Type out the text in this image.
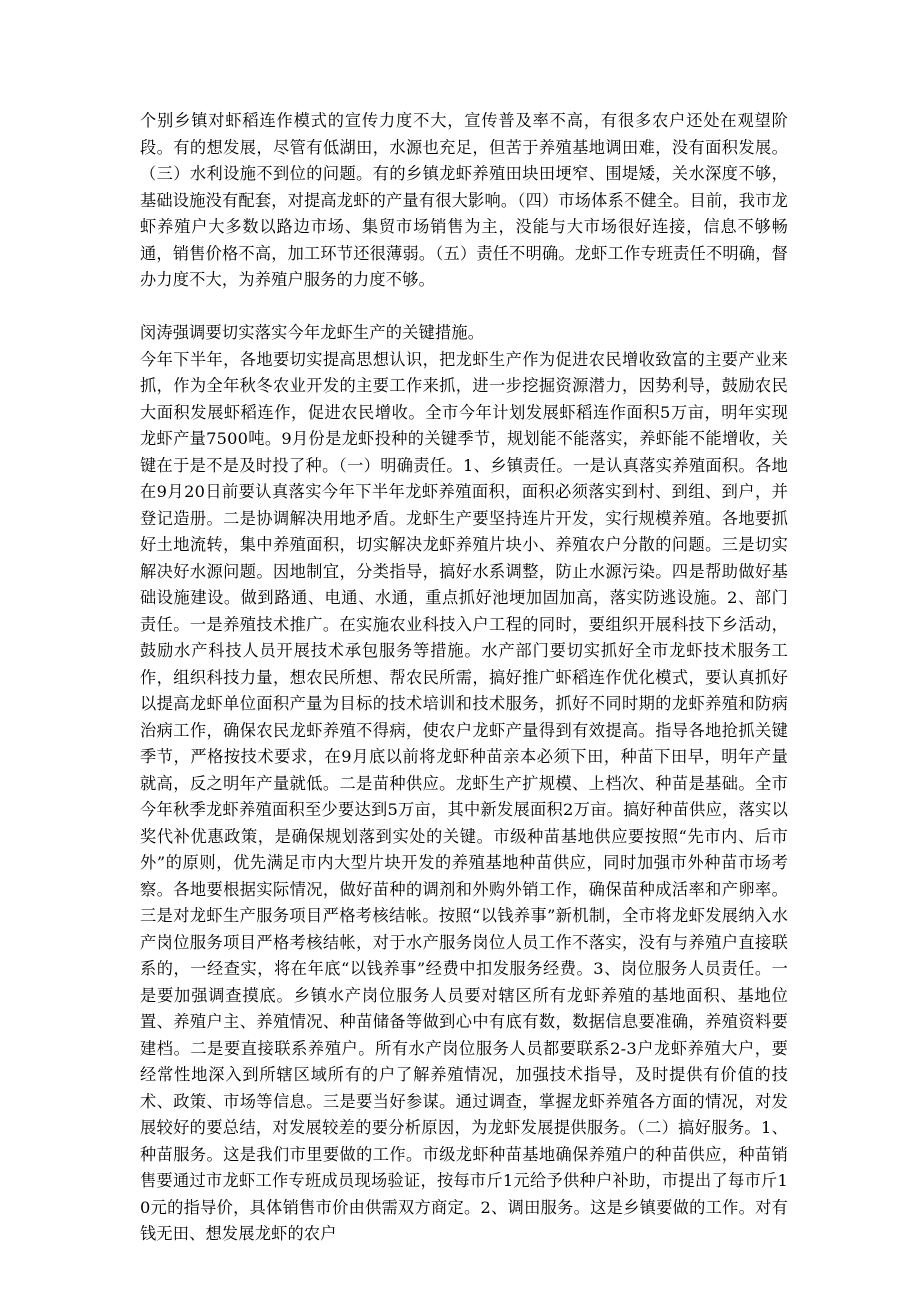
个别乡镇对虾稻连作模式的宣传力度不大，宣传普及率不高，有很多农户还处在观望阶段。有的想发展，尽管有低湖田，水源也充足，但苦于养殖基地调田难，没有面积发展。（三）水利设施不到位的问题。有的乡镇龙虾养殖田块田埂窄、围堤矮，关水深度不够，基础设施没有配套，对提高龙虾的产量有很大影响。（四）市场体系不健全。目前，我市龙虾养殖户大多数以路边市场、集贸市场销售为主，没能与大市场很好连接，信息不够畅通，销售价格不高，加工环节还很薄弱。（五）责任不明确。龙虾工作专班责任不明确，督办力度不大，为养殖户服务的力度不够。

闵涛强调要切实落实今年龙虾生产的关键措施。

今年下半年，各地要切实提高思想认识，把龙虾生产作为促进农民增收致富的主要产业来抓，作为全年秋冬农业开发的主要工作来抓，进一步挖掘资源潜力，因势利导，鼓励农民大面积发展虾稻连作，促进农民增收。全市今年计划发展虾稻连作面积5万亩，明年实现龙虾产量7500吨。9月份是龙虾投种的关键季节，规划能不能落实，养虾能不能增收，关键在于是不是及时投了种。（一）明确责任。1、乡镇责任。一是认真落实养殖面积。各地在9月20日前要认真落实今年下半年龙虾养殖面积，面积必须落实到村、到组、到户，并登记造册。二是协调解决用地矛盾。龙虾生产要坚持连片开发，实行规模养殖。各地要抓好土地流转，集中养殖面积，切实解决龙虾养殖片块小、养殖农户分散的问题。三是切实解决好水源问题。因地制宜，分类指导，搞好水系调整，防止水源污染。四是帮助做好基础设施建设。做到路通、电通、水通，重点抓好池埂加固加高，落实防逃设施。2、部门责任。一是养殖技术推广。在实施农业科技入户工程的同时，要组织开展科技下乡活动，鼓励水产科技人员开展技术承包服务等措施。水产部门要切实抓好全市龙虾技术服务工作，组织科技力量，想农民所想、帮农民所需，搞好推广虾稻连作优化模式，要认真抓好以提高龙虾单位面积产量为目标的技术培训和技术服务，抓好不同时期的龙虾养殖和防病治病工作，确保农民龙虾养殖不得病，使农户龙虾产量得到有效提高。指导各地抢抓关键季节，严格按技术要求，在9月底以前将龙虾种苗亲本必须下田，种苗下田早，明年产量就高，反之明年产量就低。二是苗种供应。龙虾生产扩规模、上档次、种苗是基础。全市今年秋季龙虾养殖面积至少要达到5万亩，其中新发展面积2万亩。搞好种苗供应，落实以奖代补优惠政策，是确保规划落到实处的关键。市级种苗基地供应要按照“先市内、后市外”的原则，优先满足市内大型片块开发的养殖基地种苗供应，同时加强市外种苗市场考察。各地要根据实际情况，做好苗种的调剂和外购外销工作，确保苗种成活率和产卵率。三是对龙虾生产服务项目严格考核结帐。按照“以钱养事”新机制，全市将龙虾发展纳入水产岗位服务项目严格考核结帐，对于水产服务岗位人员工作不落实，没有与养殖户直接联系的，一经查实，将在年底“以钱养事”经费中扣发服务经费。3、岗位服务人员责任。一是要加强调查摸底。乡镇水产岗位服务人员要对辖区所有龙虾养殖的基地面积、基地位置、养殖户主、养殖情况、种苗储备等做到心中有底有数，数据信息要准确，养殖资料要建档。二是要直接联系养殖户。所有水产岗位服务人员都要联系2-3户龙虾养殖大户，要经常性地深入到所辖区域所有的户了解养殖情况，加强技术指导，及时提供有价值的技术、政策、市场等信息。三是要当好参谋。通过调查，掌握龙虾养殖各方面的情况，对发展较好的要总结，对发展较差的要分析原因，为龙虾发展提供服务。（二）搞好服务。1、种苗服务。这是我们市里要做的工作。市级龙虾种苗基地确保养殖户的种苗供应，种苗销售要通过市龙虾工作专班成员现场验证，按每市斤1元给予供种户补助，市提出了每市斤10元的指导价，具体销售市价由供需双方商定。2、调田服务。这是乡镇要做的工作。对有钱无田、想发展龙虾的农户
